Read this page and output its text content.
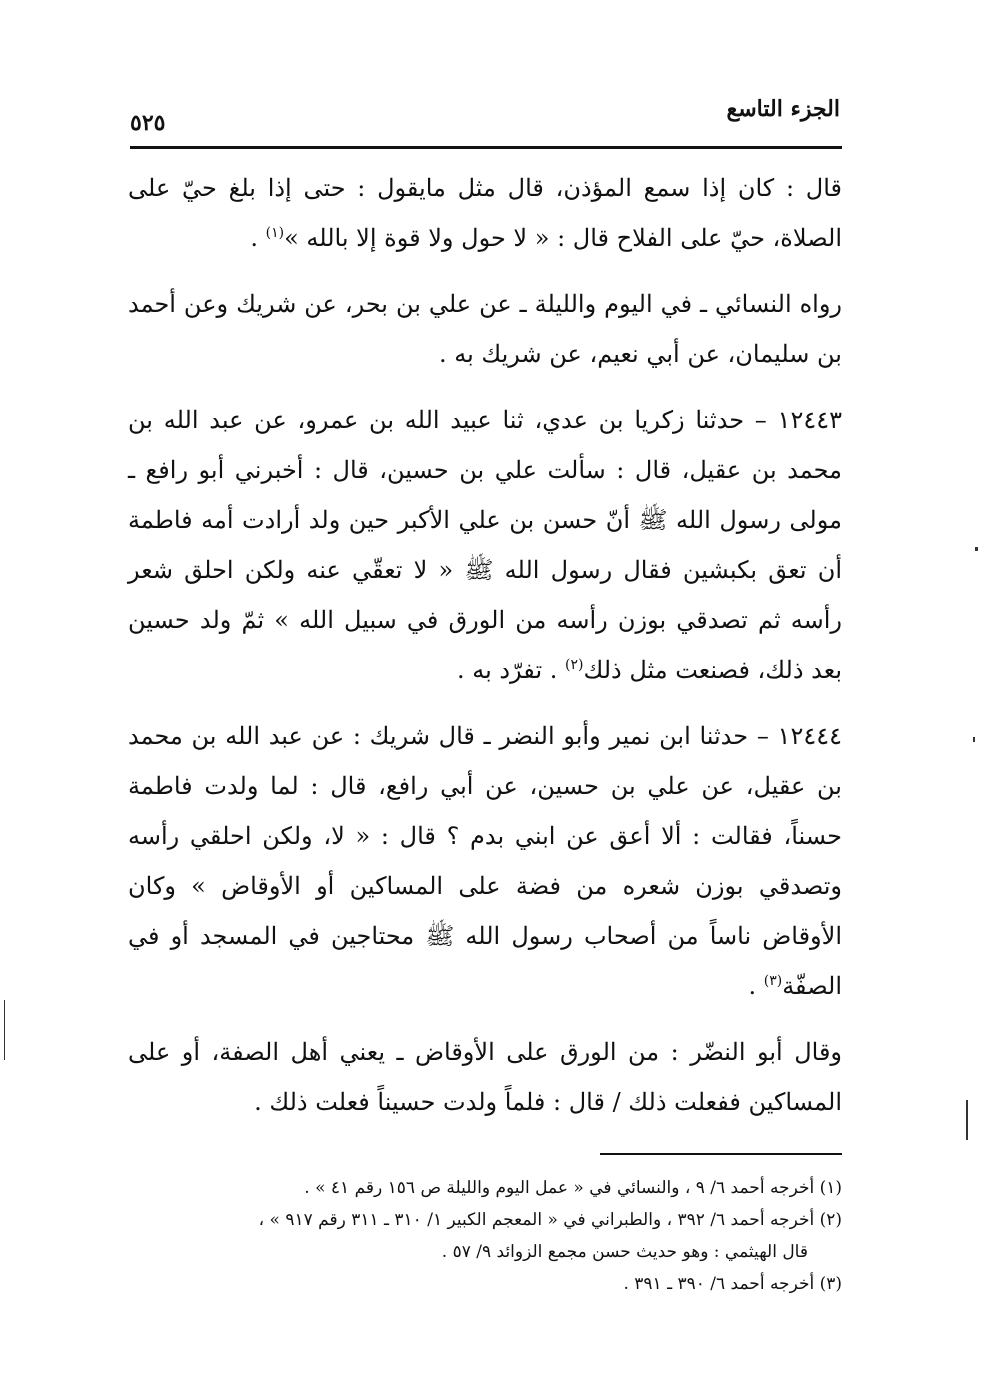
الجزء التاسع
٥٢٥

قال : كان إذا سمع المؤذن، قال مثل مايقول : حتى إذا بلغ حيّ على الصلاة، حيّ على الفلاح قال : « لا حول ولا قوة إلا بالله »$^{(١)}$ .

رواه النسائي ـ في اليوم والليلة ـ عن علي بن بحر، عن شريك وعن أحمد بن سليمان، عن أبي نعيم، عن شريك به .

١٢٤٤٣ – حدثنا زكريا بن عدي، ثنا عبيد الله بن عمرو، عن عبد الله بن محمد بن عقيل، قال : سألت علي بن حسين، قال : أخبرني أبو رافع ـ مولى رسول الله ﷺ أنّ حسن بن علي الأكبر حين ولد أرادت أمه فاطمة أن تعق بكبشين فقال رسول الله ﷺ « لا تعقّي عنه ولكن احلق شعر رأسه ثم تصدقي بوزن رأسه من الورق في سبيل الله » ثمّ ولد حسين بعد ذلك، فصنعت مثل ذلك$^{(٢)}$ . تفرّد به .

١٢٤٤٤ – حدثنا ابن نمير وأبو النضر ـ قال شريك : عن عبد الله بن محمد بن عقيل، عن علي بن حسين، عن أبي رافع، قال : لما ولدت فاطمة حسناً، فقالت : ألا أعق عن ابني بدم ؟ قال : « لا، ولكن احلقي رأسه وتصدقي بوزن شعره من فضة على المساكين أو الأوقاض » وكان الأوقاض ناساً من أصحاب رسول الله ﷺ محتاجين في المسجد أو في الصفّة$^{(٣)}$ .

وقال أبو النضّر : من الورق على الأوقاض ـ يعني أهل الصفة، أو على المساكين ففعلت ذلك / قال : فلماً ولدت حسيناً فعلت ذلك .

(١) أخرجه أحمد ٦/ ٩ ، والنسائي في « عمل اليوم والليلة ص ١٥٦ رقم ٤١ » .

(٢) أخرجه أحمد ٦/ ٣٩٢ ، والطبراني في « المعجم الكبير ١/ ٣١٠ ـ ٣١١ رقم ٩١٧ » ،

قال الهيثمي : وهو حديث حسن مجمع الزوائد ٩/ ٥٧ .

(٣) أخرجه أحمد ٦/ ٣٩٠ ـ ٣٩١ .
